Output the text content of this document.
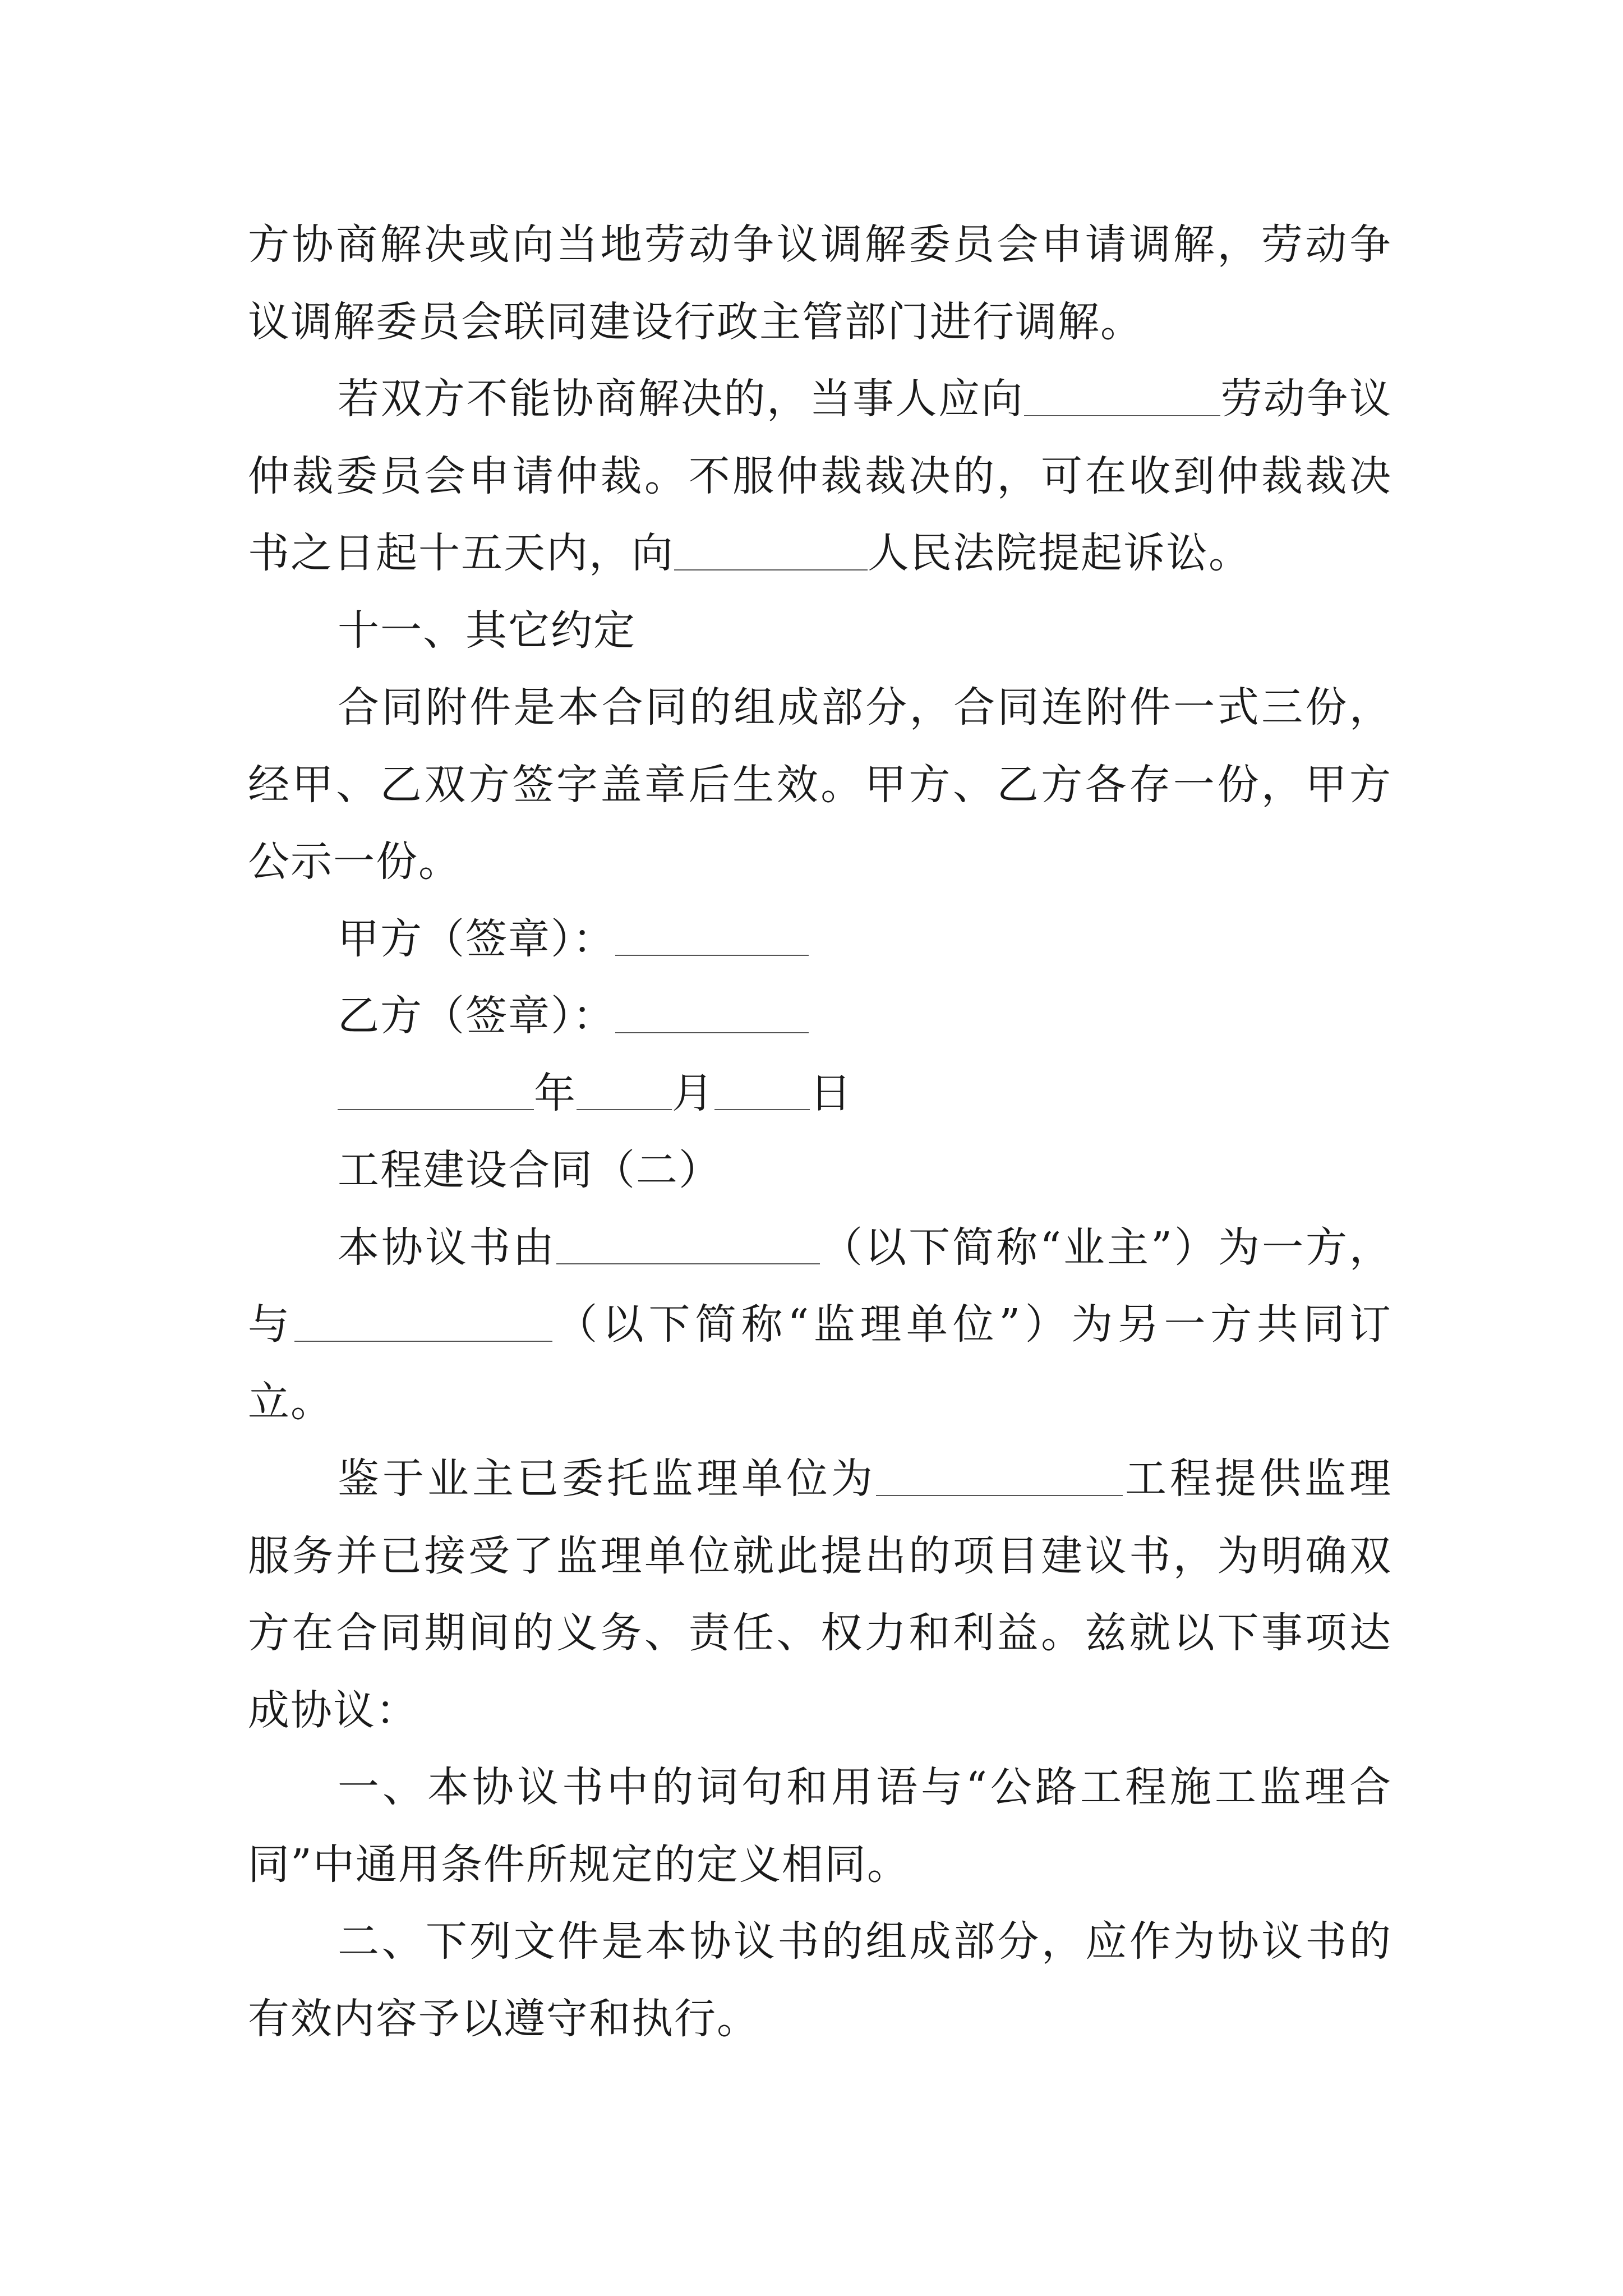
方协商解决或向当地劳动争议调解委员会申请调解，劳动争

议调解委员会联同建设行政主管部门进行调解。

若双方不能协商解决的，当事人应向	劳动争议仲裁委员会申请仲裁。不服仲裁裁决的，可在收到仲裁裁决书之日起十五天内，向	人民法院提起诉讼。

十一、其它约定

合同附件是本合同的组成部分，合同连附件一式三份，经甲、乙双方签字盖章后生效。甲方、乙方各存一份，甲方公示一份。

甲方（签章）：

乙方（签章）：

年 月 日

工程建设合同（二）

本协议书由	（以下简称“业主”）为一方，与	（以下简称“监理单位”）为另一方共同订立。

鉴于业主已委托监理单位为	工程提供监理服务并已接受了监理单位就此提出的项目建议书，为明确双方在合同期间的义务、责任、权力和利益。兹就以下事项达成协议：

一、本协议书中的词句和用语与“公路工程施工监理合同”中通用条件所规定的定义相同。

二、下列文件是本协议书的组成部分，应作为协议书的有效内容予以遵守和执行。
